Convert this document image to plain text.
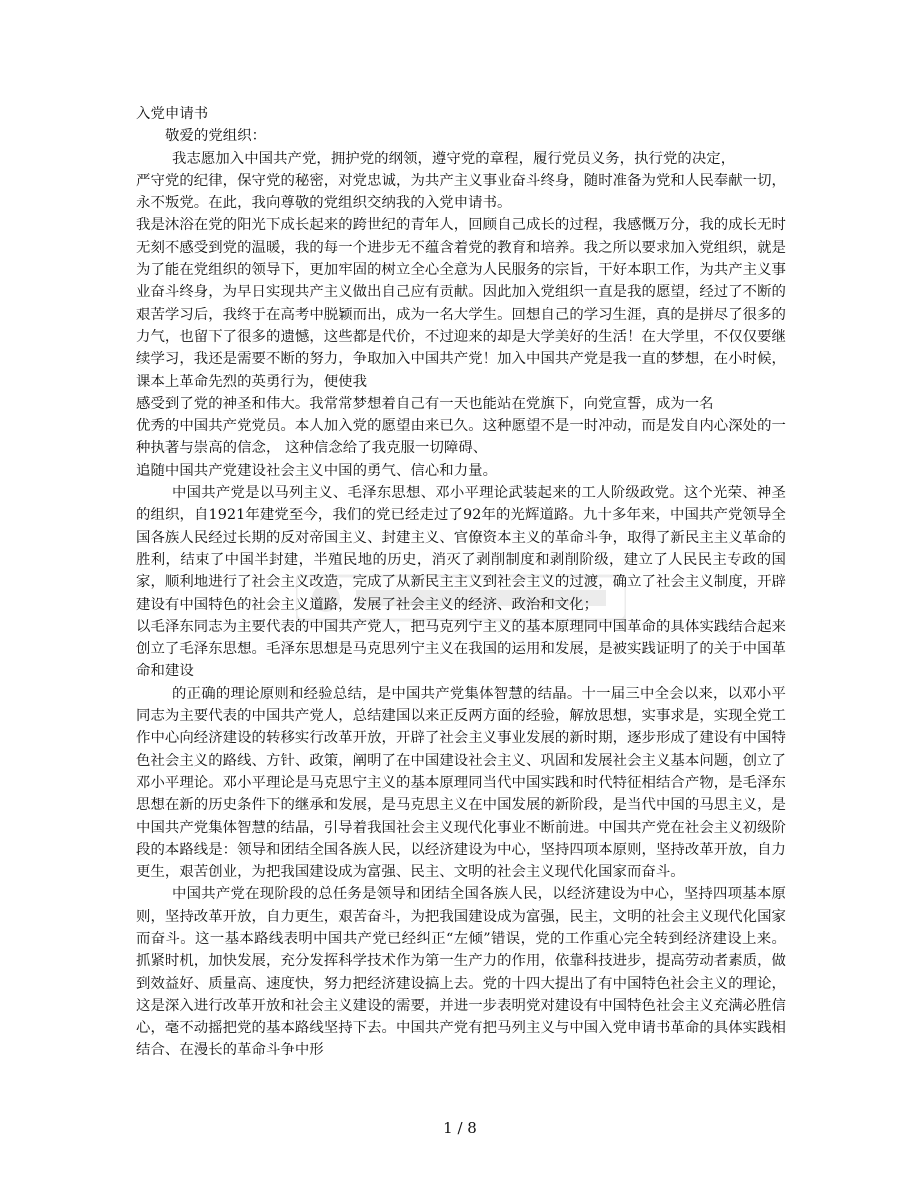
入党申请书

敬爱的党组织：

我志愿加入中国共产党，拥护党的纲领，遵守党的章程，履行党员义务，执行党的决定，

严守党的纪律，保守党的秘密，对党忠诚，为共产主义事业奋斗终身，随时准备为党和人民奉献一切，永不叛党。在此，我向尊敬的党组织交纳我的入党申请书。

我是沐浴在党的阳光下成长起来的跨世纪的青年人，回顾自己成长的过程，我感慨万分，我的成长无时无刻不感受到党的温暖，我的每一个进步无不蕴含着党的教育和培养。我之所以要求加入党组织，就是为了能在党组织的领导下，更加牢固的树立全心全意为人民服务的宗旨，干好本职工作，为共产主义事业奋斗终身，为早日实现共产主义做出自己应有贡献。因此加入党组织一直是我的愿望，经过了不断的艰苦学习后，我终于在高考中脱颖而出，成为一名大学生。回想自己的学习生涯，真的是拼尽了很多的力气，也留下了很多的遗憾，这些都是代价，不过迎来的却是大学美好的生活！在大学里，不仅仅要继续学习，我还是需要不断的努力，争取加入中国共产党！加入中国共产党是我一直的梦想，在小时候，课本上革命先烈的英勇行为，便使我

感受到了党的神圣和伟大。我常常梦想着自己有一天也能站在党旗下，向党宣誓，成为一名

优秀的中国共产党党员。本人加入党的愿望由来已久。这种愿望不是一时冲动，而是发自内心深处的一种执著与崇高的信念， 这种信念给了我克服一切障碍、

追随中国共产党建设社会主义中国的勇气、信心和力量。

中国共产党是以马列主义、毛泽东思想、邓小平理论武装起来的工人阶级政党。这个光荣、神圣的组织，自1921年建党至今，我们的党已经走过了92年的光辉道路。九十多年来，中国共产党领导全国各族人民经过长期的反对帝国主义、封建主义、官僚资本主义的革命斗争，取得了新民主主义革命的胜利，结束了中国半封建，半殖民地的历史，消灭了剥削制度和剥削阶级，建立了人民民主专政的国家，顺利地进行了社会主义改造，完成了从新民主主义到社会主义的过渡，确立了社会主义制度，开辟建设有中国特色的社会主义道路，发展了社会主义的经济、政治和文化；

以毛泽东同志为主要代表的中国共产党人，把马克列宁主义的基本原理同中国革命的具体实践结合起来创立了毛泽东思想。毛泽东思想是马克思列宁主义在我国的运用和发展，是被实践证明了的关于中国革命和建设

的正确的理论原则和经验总结，是中国共产党集体智慧的结晶。十一届三中全会以来，以邓小平同志为主要代表的中国共产党人，总结建国以来正反两方面的经验，解放思想，实事求是，实现全党工作中心向经济建设的转移实行改革开放，开辟了社会主义事业发展的新时期，逐步形成了建设有中国特色社会主义的路线、方针、政策，阐明了在中国建设社会主义、巩固和发展社会主义基本问题，创立了邓小平理论。邓小平理论是马克思宁主义的基本原理同当代中国实践和时代特征相结合产物，是毛泽东思想在新的历史条件下的继承和发展，是马克思主义在中国发展的新阶段，是当代中国的马思主义，是中国共产党集体智慧的结晶，引导着我国社会主义现代化事业不断前进。中国共产党在社会主义初级阶段的本路线是：领导和团结全国各族人民，以经济建设为中心，坚持四项本原则，坚持改革开放，自力更生，艰苦创业，为把我国建设成为富强、民主、文明的社会主义现代化国家而奋斗。

中国共产党在现阶段的总任务是领导和团结全国各族人民，以经济建设为中心，坚持四项基本原则，坚持改革开放，自力更生，艰苦奋斗，为把我国建设成为富强，民主，文明的社会主义现代化国家而奋斗。这一基本路线表明中国共产党已经纠正“左倾”错误，党的工作重心完全转到经济建设上来。抓紧时机，加快发展，充分发挥科学技术作为第一生产力的作用，依靠科技进步，提高劳动者素质，做到效益好、质量高、速度快，努力把经济建设搞上去。党的十四大提出了有中国特色社会主义的理论，这是深入进行改革开放和社会主义建设的需要，并进一步表明党对建设有中国特色社会主义充满必胜信心，毫不动摇把党的基本路线坚持下去。中国共产党有把马列主义与中国入党申请书革命的具体实践相结合、在漫长的革命斗争中形

1 / 8
